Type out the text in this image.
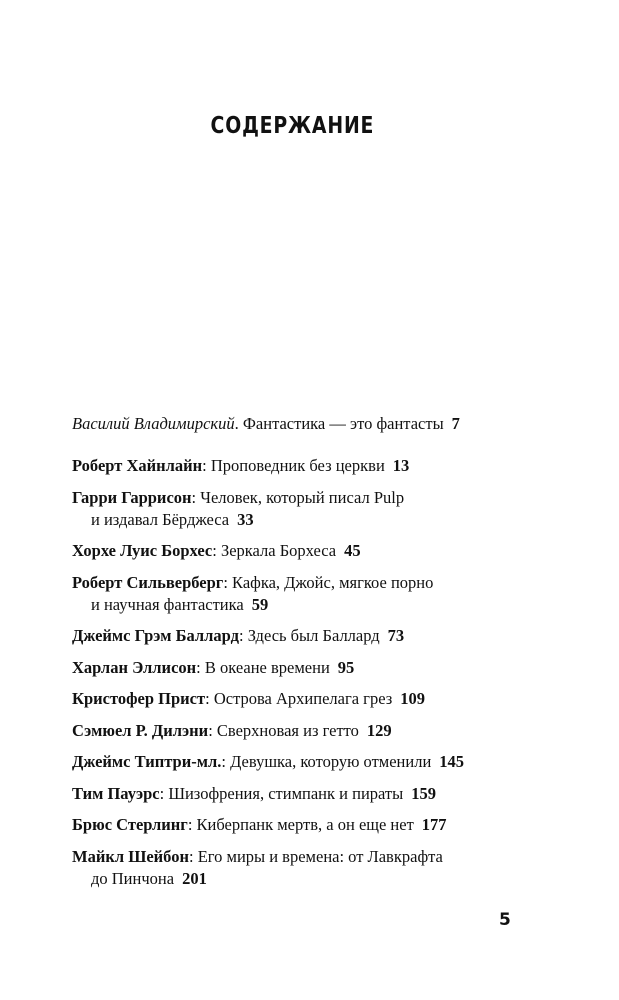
СОДЕРЖАНИЕ

Василий Владимирский. Фантастика — это фантасты 7

Роберт Хайнлайн: Проповедник без церкви 13

Гарри Гаррисон: Человек, который писал Pulp
и издавал Бёрджеса 33

Хорхе Луис Борхес: Зеркала Борхеса 45

Роберт Сильверберг: Кафка, Джойс, мягкое порно
и научная фантастика 59

Джеймс Грэм Баллард: Здесь был Баллард 73

Харлан Эллисон: В океане времени 95

Кристофер Прист: Острова Архипелага грез 109

Сэмюел Р. Дилэни: Сверхновая из гетто 129

Джеймс Типтри-мл.: Девушка, которую отменили 145

Тим Пауэрс: Шизофрения, стимпанк и пираты 159

Брюс Стерлинг: Киберпанк мертв, а он еще нет 177

Майкл Шейбон: Его миры и времена: от Лавкрафта
до Пинчона 201

5
